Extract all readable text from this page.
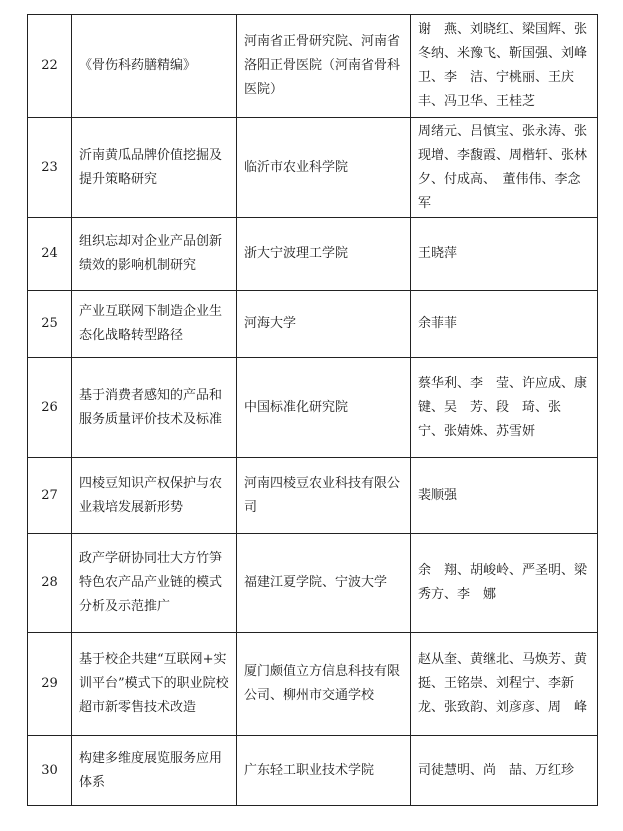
22	《骨伤科药膳精编》	河南省正骨研究院、河南省洛阳正骨医院（河南省骨科医院）	谢　燕、刘晓红、梁国辉、张冬纳、米豫飞、靳国强、刘峰卫、李　洁、宁桃丽、王庆丰、冯卫华、王桂芝
23	沂南黄瓜品牌价值挖掘及提升策略研究	临沂市农业科学院	周绪元、吕慎宝、张永涛、张现增、李馥霞、周楷轩、张林夕、付成高、　董伟伟、李念军
24	组织忘却对企业产品创新绩效的影响机制研究	浙大宁波理工学院	王晓萍
25	产业互联网下制造企业生态化战略转型路径	河海大学	余菲菲
26	基于消费者感知的产品和服务质量评价技术及标准	中国标准化研究院	蔡华利、李　莹、许应成、康　键、吴　芳、段　琦、张　宁、张婧姝、苏雪妍
27	四棱豆知识产权保护与农业栽培发展新形势	河南四棱豆农业科技有限公司	裴顺强
28	政产学研协同壮大方竹笋特色农产品产业链的模式分析及示范推广	福建江夏学院、宁波大学	余　翔、胡峻岭、严圣明、梁秀方、李　娜
29	基于校企共建“互联网+实训平台”模式下的职业院校超市新零售技术改造	厦门颇值立方信息科技有限公司、柳州市交通学校	赵从奎、黄继北、马焕芳、黄　挺、王铭崇、刘程宁、李新龙、张致韵、刘彦彦、周　峰
30	构建多维度展览服务应用体系	广东轻工职业技术学院	司徒慧明、尚　喆、万红珍
